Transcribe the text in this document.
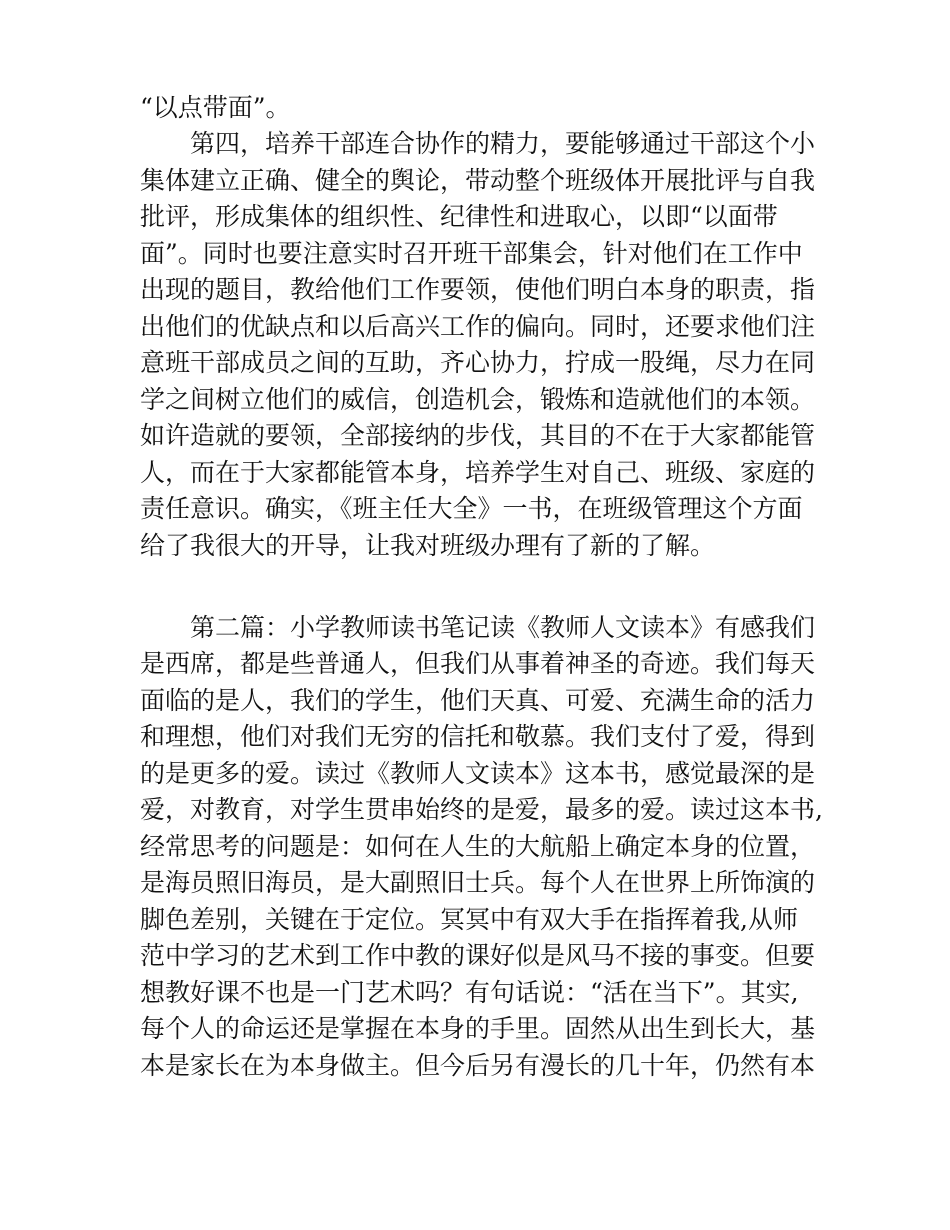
“以点带面”。
第四，培养干部连合协作的精力，要能够通过干部这个小
集体建立正确、健全的舆论，带动整个班级体开展批评与自我
批评，形成集体的组织性、纪律性和进取心，以即“以面带
面”。同时也要注意实时召开班干部集会，针对他们在工作中
出现的题目，教给他们工作要领，使他们明白本身的职责，指
出他们的优缺点和以后高兴工作的偏向。同时，还要求他们注
意班干部成员之间的互助，齐心协力，拧成一股绳，尽力在同
学之间树立他们的威信，创造机会，锻炼和造就他们的本领。
如许造就的要领，全部接纳的步伐，其目的不在于大家都能管
人，而在于大家都能管本身，培养学生对自己、班级、家庭的
责任意识。确实，《班主任大全》一书，在班级管理这个方面
给了我很大的开导，让我对班级办理有了新的了解。
第二篇：小学教师读书笔记读《教师人文读本》有感我们
是西席，都是些普通人，但我们从事着神圣的奇迹。我们每天
面临的是人，我们的学生，他们天真、可爱、充满生命的活力
和理想，他们对我们无穷的信托和敬慕。我们支付了爱，得到
的是更多的爱。读过《教师人文读本》这本书，感觉最深的是
爱，对教育，对学生贯串始终的是爱，最多的爱。读过这本书,
经常思考的问题是：如何在人生的大航船上确定本身的位置，
是海员照旧海员，是大副照旧士兵。每个人在世界上所饰演的
脚色差别，关键在于定位。冥冥中有双大手在指挥着我,从师
范中学习的艺术到工作中教的课好似是风马不接的事变。但要
想教好课不也是一门艺术吗？有句话说：“活在当下”。其实,
每个人的命运还是掌握在本身的手里。固然从出生到长大，基
本是家长在为本身做主。但今后另有漫长的几十年，仍然有本
